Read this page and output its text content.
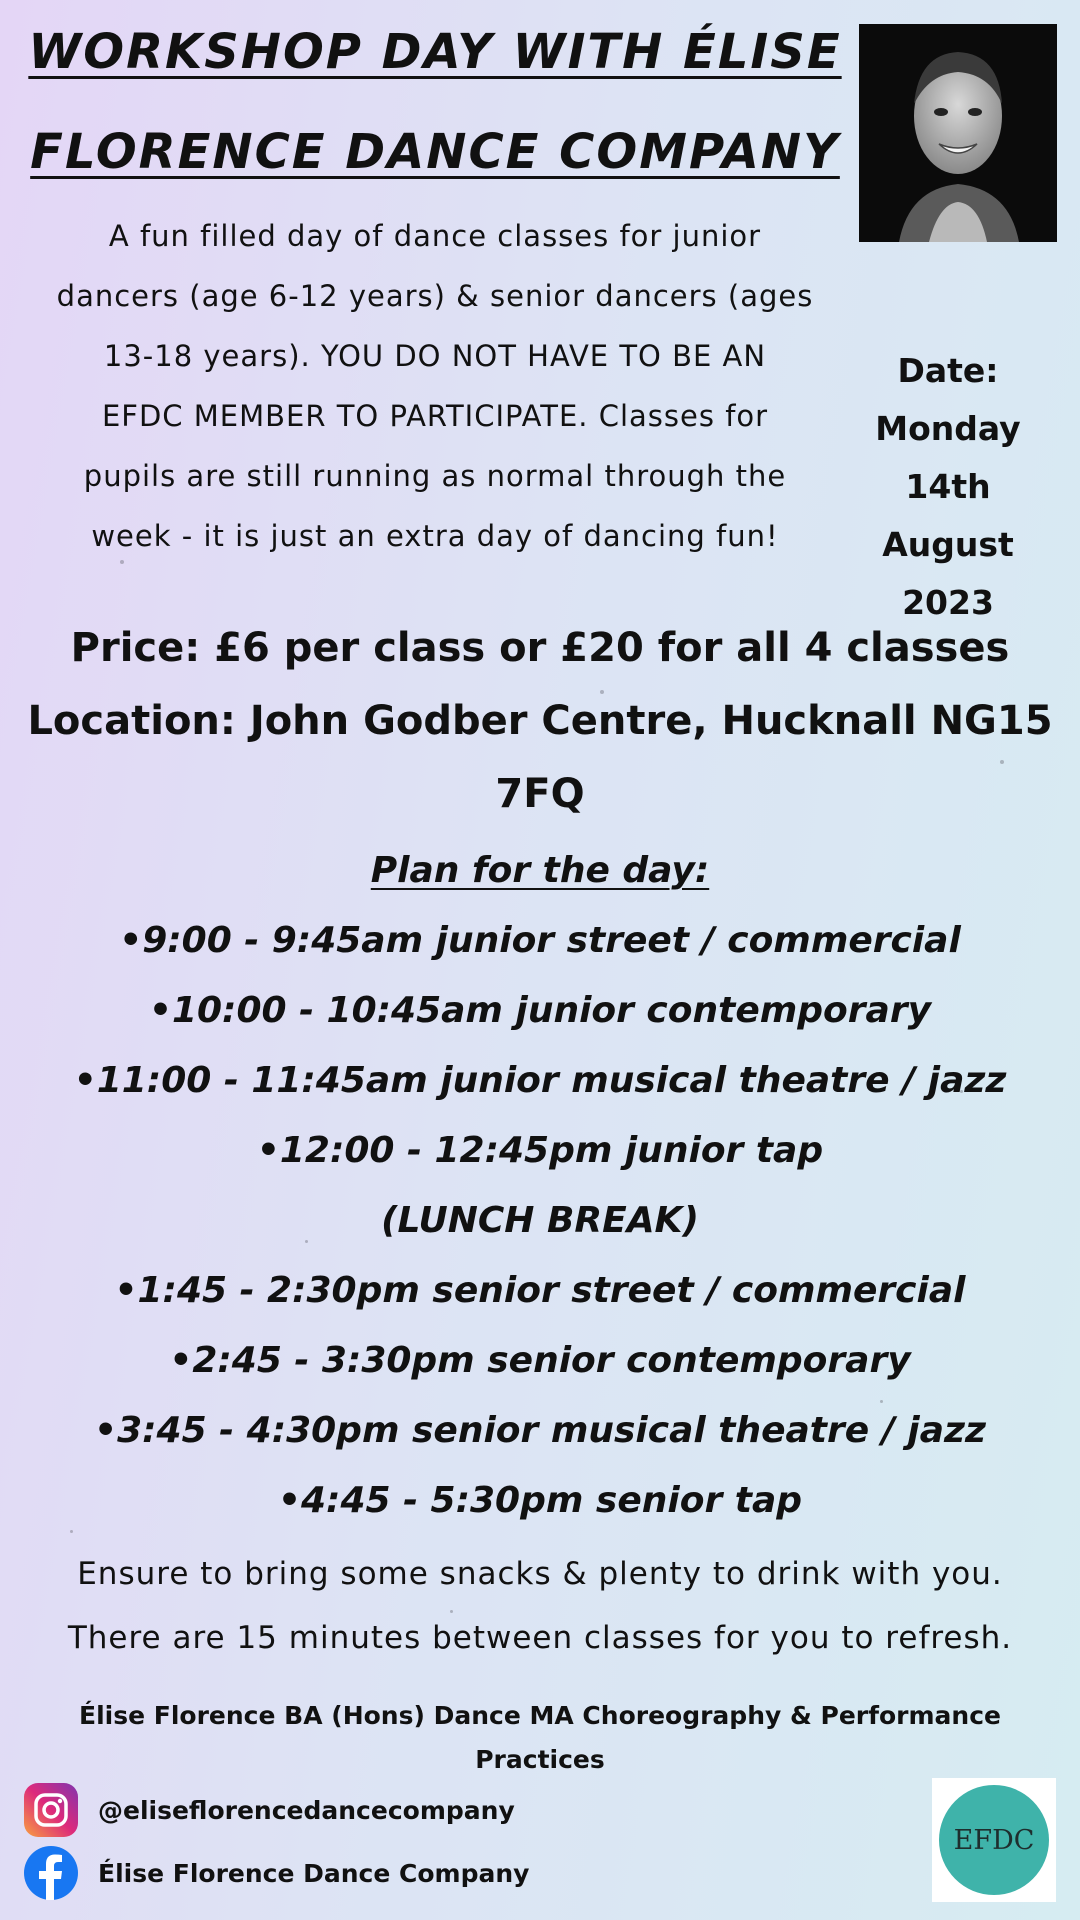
WORKSHOP DAY WITH ÉLISE
FLORENCE DANCE COMPANY
A fun filled day of dance classes for junior
dancers (age 6-12 years) & senior dancers (ages
13-18 years). YOU DO NOT HAVE TO BE AN
EFDC MEMBER TO PARTICIPATE. Classes for
pupils are still running as normal through the
week - it is just an extra day of dancing fun!
Date:
Monday
14th August
2023
Price: £6 per class or £20 for all 4 classes
Location: John Godber Centre, Hucknall NG15
7FQ
Plan for the day:
•9:00 - 9:45am junior street / commercial
•10:00 - 10:45am junior contemporary
•11:00 - 11:45am junior musical theatre / jazz
•12:00 - 12:45pm junior tap
(LUNCH BREAK)
•1:45 - 2:30pm senior street / commercial
•2:45 - 3:30pm senior contemporary
•3:45 - 4:30pm senior musical theatre / jazz
•4:45 - 5:30pm senior tap
Ensure to bring some snacks & plenty to drink with you.
There are 15 minutes between classes for you to refresh.
Élise Florence BA (Hons) Dance MA Choreography & Performance Practices
@eliseflorencedancecompany
Élise Florence Dance Company
EFDC
